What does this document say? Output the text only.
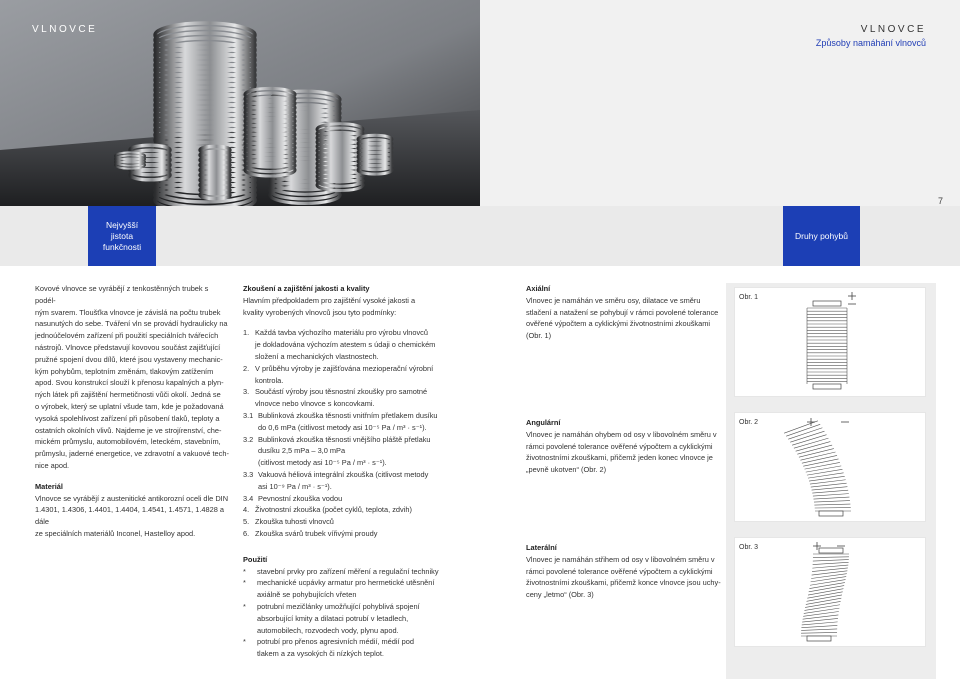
VLNOVCE	VLNOVCE
Způsoby namáhání vlnovců
7
Nejvyšší
jistota
funkčnosti
Druhy pohybů
Kovové vlnovce se vyrábějí z tenkostěnných trubek s podél-
ným svarem. Tloušťka vlnovce je závislá na počtu trubek
nasunutých do sebe. Tváření vln se provádí hydraulicky na
jednoúčelovém zařízení při použití speciálních tvářecích
nástrojů. Vlnovce představují kovovou součást zajišťující
pružné spojení dvou dílů, které jsou vystaveny mechanic-
kým pohybům, teplotním změnám, tlakovým zatížením
apod. Svou konstrukcí slouží k přenosu kapalných a plyn-
ných látek při zajištění hermetičnosti vůči okolí. Jedná se
o výrobek, který se uplatní všude tam, kde je požadovaná
vysoká spolehlivost zařízení při působení tlaků, teploty a
ostatních okolních vlivů. Najdeme je ve strojírenství, che-
mickém průmyslu, automobilovém, leteckém, stavebním,
průmyslu, jaderné energetice, ve zdravotní a vakuové tech-
nice apod.
Materiál
Vlnovce se vyrábějí z austenitické antikorozní oceli dle DIN
1.4301, 1.4306, 1.4401, 1.4404, 1.4541, 1.4571, 1.4828 a dále
ze speciálních materiálů Inconel, Hastelloy apod.
Zkoušení a zajištění jakosti a kvality
Hlavním předpokladem pro zajištění vysoké jakosti a
kvality vyrobených vlnovců jsou tyto podmínky:
1. Každá tavba výchozího materiálu pro výrobu vlnovců
je dokladována výchozím atestem s údaji o chemickém
složení a mechanických vlastnostech.
2. V průběhu výroby je zajišťována mezioperační výrobní
kontrola.
3. Součástí výroby jsou těsnostní zkoušky pro samotné
vlnovce nebo vlnovce s koncovkami.
3.1 Bublinková zkouška těsnosti vnitřním přetlakem dusíku
do 0,6 mPa (citlivost metody asi 10⁻⁵ Pa / m³ · s⁻¹).
3.2 Bublinková zkouška těsnosti vnějšího pláště přetlaku
dusíku 2,5 mPa – 3,0 mPa
(citlivost metody asi 10⁻⁵ Pa / m³ · s⁻¹).
3.3 Vakuová héliová integrální zkouška (citlivost metody
asi 10⁻⁹ Pa / m³ · s⁻¹).
3.4 Pevnostní zkouška vodou
4. Životnostní zkouška (počet cyklů, teplota, zdvih)
5. Zkouška tuhosti vlnovců
6. Zkouška svárů trubek vířivými proudy
Použití
*	stavební prvky pro zařízení měření a regulační techniky
*	mechanické ucpávky armatur pro hermetické utěsnění
axiálně se pohybujících vřeten
*	potrubní mezičlánky umožňující pohyblivá spojení
absorbující kmity a dilataci potrubí v letadlech,
automobilech, rozvodech vody, plynu apod.
*	potrubí pro přenos agresivních médií, médií pod
tlakem a za vysokých či nízkých teplot.
Axiální
Vlnovec je namáhán ve směru osy, dilatace ve směru
stlačení a natažení se pohybují v rámci povolené tolerance
ověřené výpočtem a cyklickými životnostními zkouškami
(Obr. 1)
Angulární
Vlnovec je namáhán ohybem od osy v libovolném směru v
rámci povolené tolerance ověřené výpočtem a cyklickými
životnostními zkouškami, přičemž jeden konec vlnovce je
„pevně ukotven“ (Obr. 2)
Laterální
Vlnovec je namáhán střihem od osy v libovolném směru v
rámci povolené tolerance ověřené výpočtem a cyklickými
životnostními zkouškami, přičemž konce vlnovce jsou uchy-
ceny „letmo“ (Obr. 3)
Obr. 1
Obr. 2
Obr. 3
